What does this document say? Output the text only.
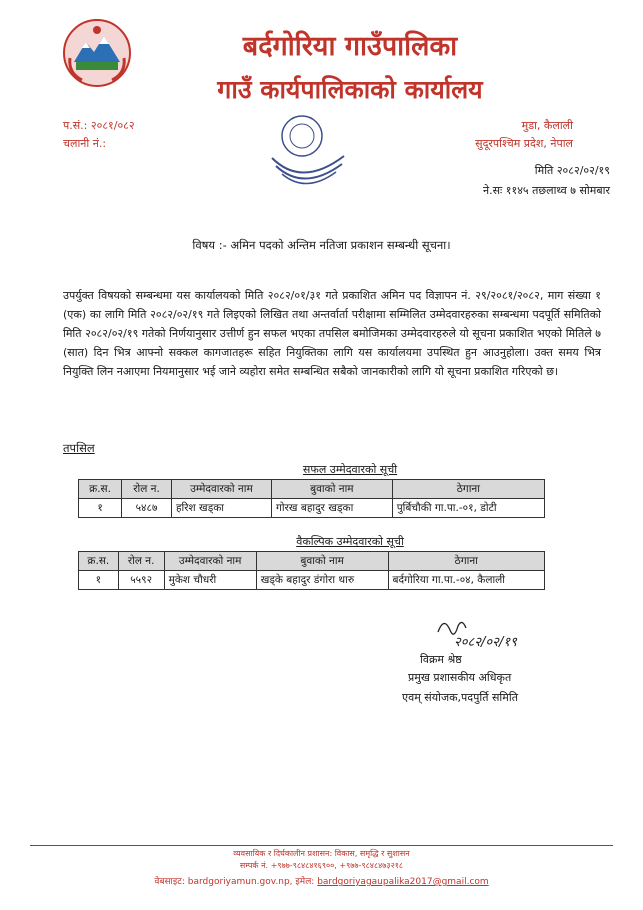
बर्दगोरिया गाउँपालिका
गाउँ कार्यपालिकाको कार्यालय
प.सं.: २०८१/०८२
चलानी नं.:
मुडा, कैलाली
सुदूरपश्चिम प्रदेश, नेपाल
मिति २०८२/०२/१९
ने.सः ११४५ तछलाथ्व ७ सोमबार
विषय :- अमिन पदको अन्तिम नतिजा प्रकाशन सम्बन्धी सूचना।
उपर्युक्त विषयको सम्बन्धमा यस कार्यालयको मिति २०८२/०१/३१ गते प्रकाशित अमिन पद विज्ञापन नं. २९/२०८१/२०८२, माग संख्या १ (एक) का लागि मिति २०८२/०२/१९ गते लिइएको लिखित तथा अन्तर्वार्ता परीक्षामा सम्मिलित उम्मेदवारहरुका सम्बन्धमा पदपूर्ति समितिको मिति २०८२/०२/१९ गतेको निर्णयानुसार उत्तीर्ण हुन सफल भएका तपसिल बमोजिमका उम्मेदवारहरुले यो सूचना प्रकाशित भएको मितिले ७ (सात) दिन भित्र आफ्नो सक्कल कागजातहरू सहित नियुक्तिका लागि यस कार्यालयमा उपस्थित हुन आउनुहोला। उक्त समय भित्र नियुक्ति लिन नआएमा नियमानुसार भई जाने व्यहोरा समेत सम्बन्धित सबैको जानकारीको लागि यो सूचना प्रकाशित गरिएको छ।
तपसिल
सफल उम्मेदवारको सूची
क्र.स.	रोल न.	उम्मेदवारको नाम	बुवाको नाम	ठेगाना
१	५४८७	हरिश खड्का	गोरख बहादुर खड्का	पुर्बिचौकी गा.पा.-०१, डोटी
वैकल्पिक उम्मेदवारको सूची
क्र.स.	रोल न.	उम्मेदवारको नाम	बुवाको नाम	ठेगाना
१	५५९२	मुकेश चौधरी	खड्के बहादुर डंगोरा थारु	बर्दगोरिया गा.पा.-०४, कैलाली
२०८२/०२/१९
विक्रम श्रेष्ठ
प्रमुख प्रशासकीय अधिकृत
एवम् संयोजक,पदपुर्ति समिति
व्यवसायिक र दिर्घकालीन प्रशासन: विकास, समृद्धि र सुशासन
सम्पर्क नं. +९७७-९८४८४१६९००, +९७७-९८४८४७३२१८
वेबसाइट: bardgoriyamun.gov.np, इमेल: bardgoriyagaupalika2017@gmail.com
